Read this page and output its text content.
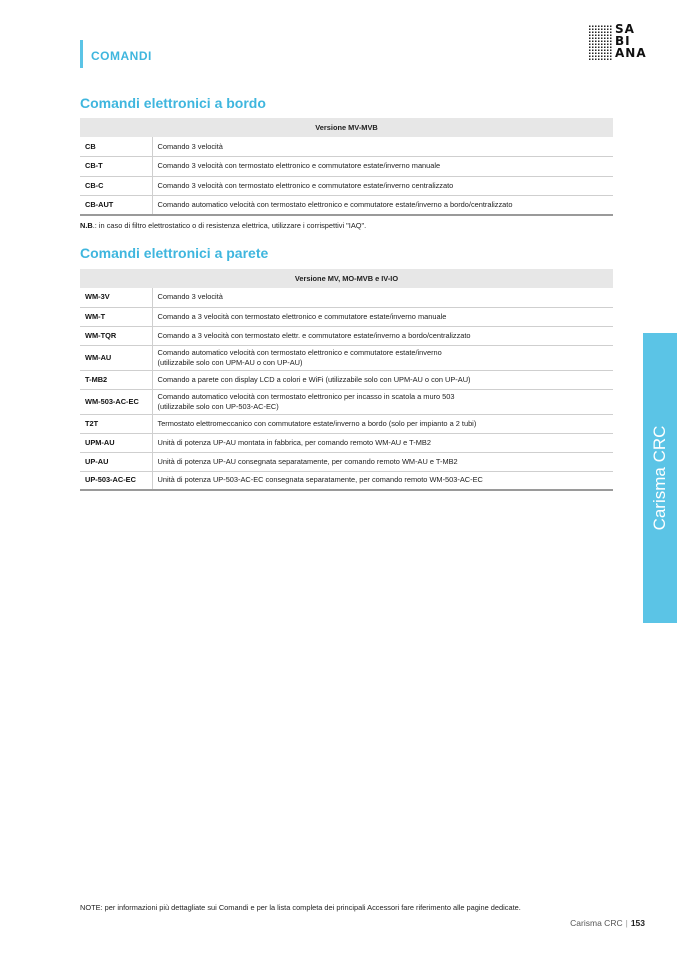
COMANDI
SA
BI
ANA
Comandi elettronici a bordo
Versione MV-MVB	
CB	Comando 3 velocità
CB-T	Comando 3 velocità con termostato elettronico e commutatore estate/inverno manuale
CB-C	Comando 3 velocità con termostato elettronico e commutatore estate/inverno centralizzato
CB-AUT	Comando automatico velocità con termostato elettronico e commutatore estate/inverno a bordo/centralizzato
N.B.: in caso di filtro elettrostatico o di resistenza elettrica, utilizzare i corrispettivi "IAQ".
Comandi elettronici a parete
Versione MV, MO-MVB e IV-IO	
WM-3V	Comando 3 velocità
WM-T	Comando a 3 velocità con termostato elettronico e commutatore estate/inverno manuale
WM-TQR	Comando a 3 velocità con termostato elettr. e commutatore estate/inverno a bordo/centralizzato
WM-AU	Comando automatico velocità con termostato elettronico e commutatore estate/inverno
(utilizzabile solo con UPM-AU o con UP-AU)

T-MB2	Comando a parete con display LCD a colori e WiFi (utilizzabile solo con UPM-AU o con UP-AU)
WM-503-AC-EC	Comando automatico velocità con termostato elettronico per incasso in scatola a muro 503
(utilizzabile solo con UP-503-AC-EC)

T2T	Termostato elettromeccanico con commutatore estate/inverno a bordo (solo per impianto a 2 tubi)
UPM-AU	Unità di potenza UP-AU montata in fabbrica, per comando remoto WM-AU e T-MB2
UP-AU	Unità di potenza UP-AU consegnata separatamente, per comando remoto WM-AU e T-MB2
UP-503-AC-EC	Unità di potenza UP-503-AC-EC consegnata separatamente, per comando remoto WM-503-AC-EC	Carisma CRC
NOTE: per informazioni più dettagliate sui Comandi e per la lista completa dei principali Accessori fare riferimento alle pagine dedicate.
Carisma CRC | 153
